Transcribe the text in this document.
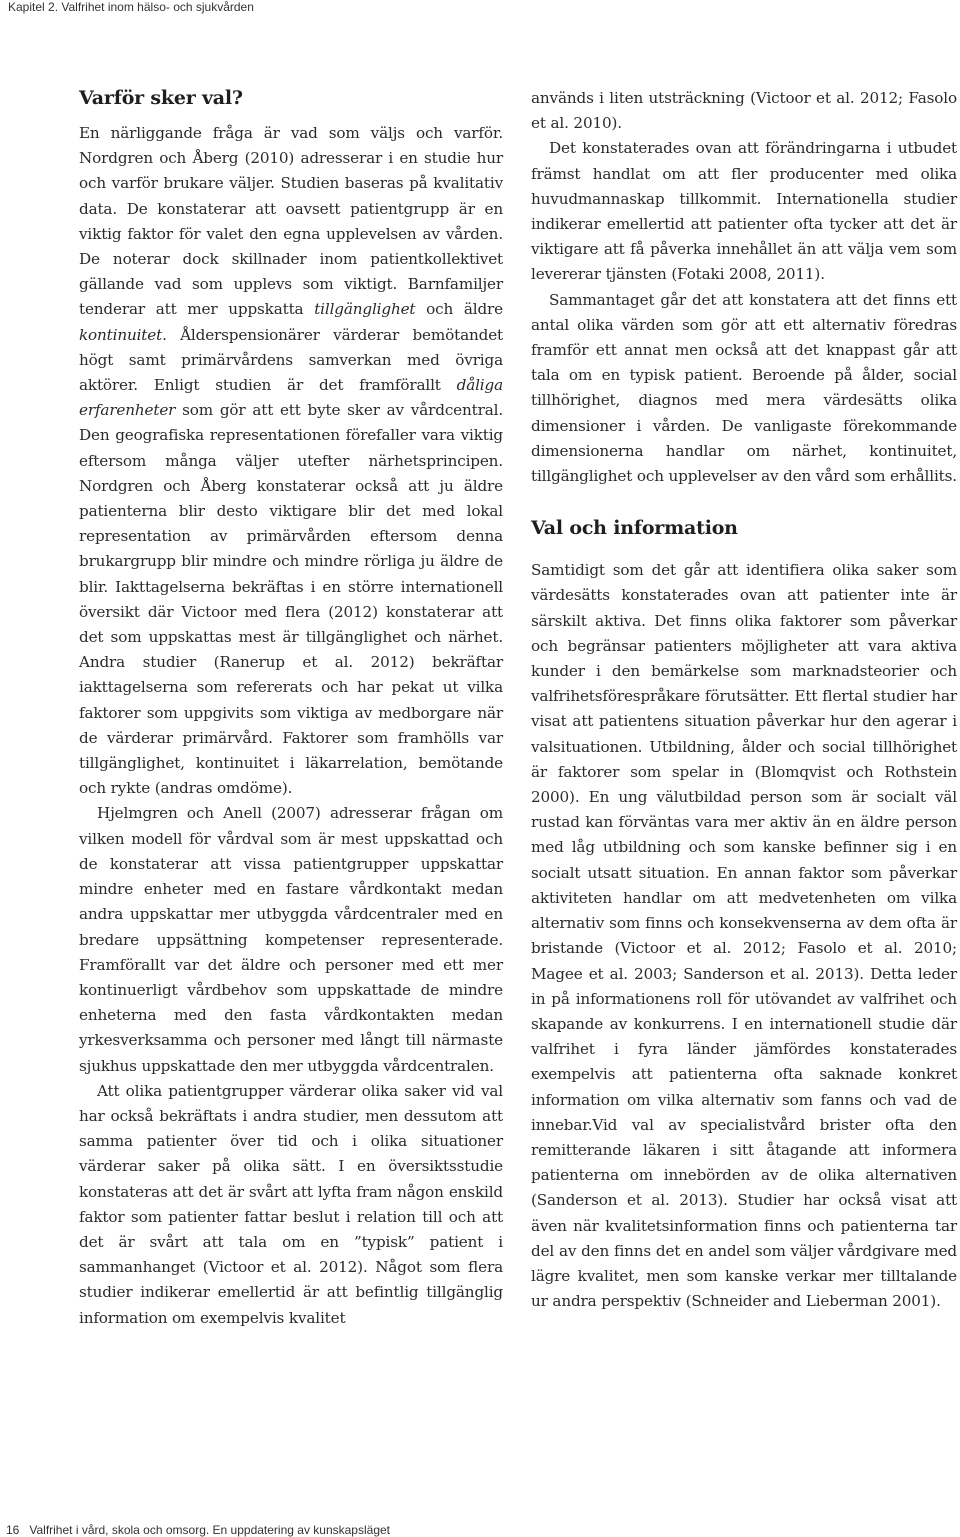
Kapitel 2. Valfrihet inom hälso- och sjukvården
Varför sker val?

En närliggande fråga är vad som väljs och varför. Nordgren och Åberg (2010) adresserar i en studie hur och varför brukare väljer. Studien baseras på kvalitativ data. De konstaterar att oavsett patientgrupp är en viktig faktor för valet den egna upplevelsen av vården. De noterar dock skillnader inom patientkollektivet gällande vad som upplevs som viktigt. Barnfamiljer tenderar att mer uppskatta tillgänglighet och äldre kontinuitet. Ålderspensionärer värderar bemötandet högt samt primärvårdens samverkan med övriga aktörer. Enligt studien är det framförallt dåliga erfarenheter som gör att ett byte sker av vårdcentral. Den geografiska representationen förefaller vara viktig eftersom många väljer utefter närhetsprincipen. Nordgren och Åberg konstaterar också att ju äldre patienterna blir desto viktigare blir det med lokal representation av primärvården eftersom denna brukargrupp blir mindre och mindre rörliga ju äldre de blir. Iakttagelserna bekräftas i en större internationell översikt där Victoor med flera (2012) konstaterar att det som uppskattas mest är tillgänglighet och närhet. Andra studier (Ranerup et al. 2012) bekräftar iakttagelserna som refererats och har pekat ut vilka faktorer som uppgivits som viktiga av medborgare när de värderar primärvård. Faktorer som framhölls var tillgänglighet, kontinuitet i läkarrelation, bemötande och rykte (andras omdöme).

Hjelmgren och Anell (2007) adresserar frågan om vilken modell för vårdval som är mest uppskattad och de konstaterar att vissa patientgrupper uppskattar mindre enheter med en fastare vårdkontakt medan andra uppskattar mer utbyggda vårdcentraler med en bredare uppsättning kompetenser representerade. Framförallt var det äldre och personer med ett mer kontinuerligt vårdbehov som uppskattade de mindre enheterna med den fasta vårdkontakten medan yrkesverksamma och personer med långt till närmaste sjukhus uppskattade den mer utbyggda vårdcentralen.

Att olika patientgrupper värderar olika saker vid val har också bekräftats i andra studier, men dessutom att samma patienter över tid och i olika situationer värderar saker på olika sätt. I en översiktsstudie konstateras att det är svårt att lyfta fram någon enskild faktor som patienter fattar beslut i relation till och att det är svårt att tala om en ”typisk” patient i sammanhanget (Victoor et al. 2012). Något som flera studier indikerar emellertid är att befintlig tillgänglig information om exempelvis kvalitet

används i liten utsträckning (Victoor et al. 2012; Fasolo et al. 2010).

Det konstaterades ovan att förändringarna i utbudet främst handlat om att fler producenter med olika huvudmannaskap tillkommit. Internationella studier indikerar emellertid att patienter ofta tycker att det är viktigare att få påverka innehållet än att välja vem som levererar tjänsten (Fotaki 2008, 2011).

Sammantaget går det att konstatera att det finns ett antal olika värden som gör att ett alternativ föredras framför ett annat men också att det knappast går att tala om en typisk patient. Beroende på ålder, social tillhörighet, diagnos med mera värdesätts olika dimensioner i vården. De vanligaste förekommande dimensionerna handlar om närhet, kontinuitet, tillgänglighet och upplevelser av den vård som erhållits.

Val och information

Samtidigt som det går att identifiera olika saker som värdesätts konstaterades ovan att patienter inte är särskilt aktiva. Det finns olika faktorer som påverkar och begränsar patienters möjligheter att vara aktiva kunder i den bemärkelse som marknadsteorier och valfrihetsförespråkare förutsätter. Ett flertal studier har visat att patientens situation påverkar hur den agerar i valsituationen. Utbildning, ålder och social tillhörighet är faktorer som spelar in (Blomqvist och Rothstein 2000). En ung välutbildad person som är socialt väl rustad kan förväntas vara mer aktiv än en äldre person med låg utbildning och som kanske befinner sig i en socialt utsatt situation. En annan faktor som påverkar aktiviteten handlar om att medvetenheten om vilka alternativ som finns och konsekvenserna av dem ofta är bristande (Victoor et al. 2012; Fasolo et al. 2010; Magee et al. 2003; Sanderson et al. 2013). Detta leder in på informationens roll för utövandet av valfrihet och skapande av konkurrens. I en internationell studie där valfrihet i fyra länder jämfördes konstaterades exempelvis att patienterna ofta saknade konkret information om vilka alternativ som fanns och vad de innebar.Vid val av specialistvård brister ofta den remitterande läkaren i sitt åtagande att informera patienterna om innebörden av de olika alternativen (Sanderson et al. 2013). Studier har också visat att även när kvalitetsinformation finns och patienterna tar del av den finns det en andel som väljer vårdgivare med lägre kvalitet, men som kanske verkar mer tilltalande ur andra perspektiv (Schneider and Lieberman 2001).

16 Valfrihet i vård, skola och omsorg. En uppdatering av kunskapsläget
